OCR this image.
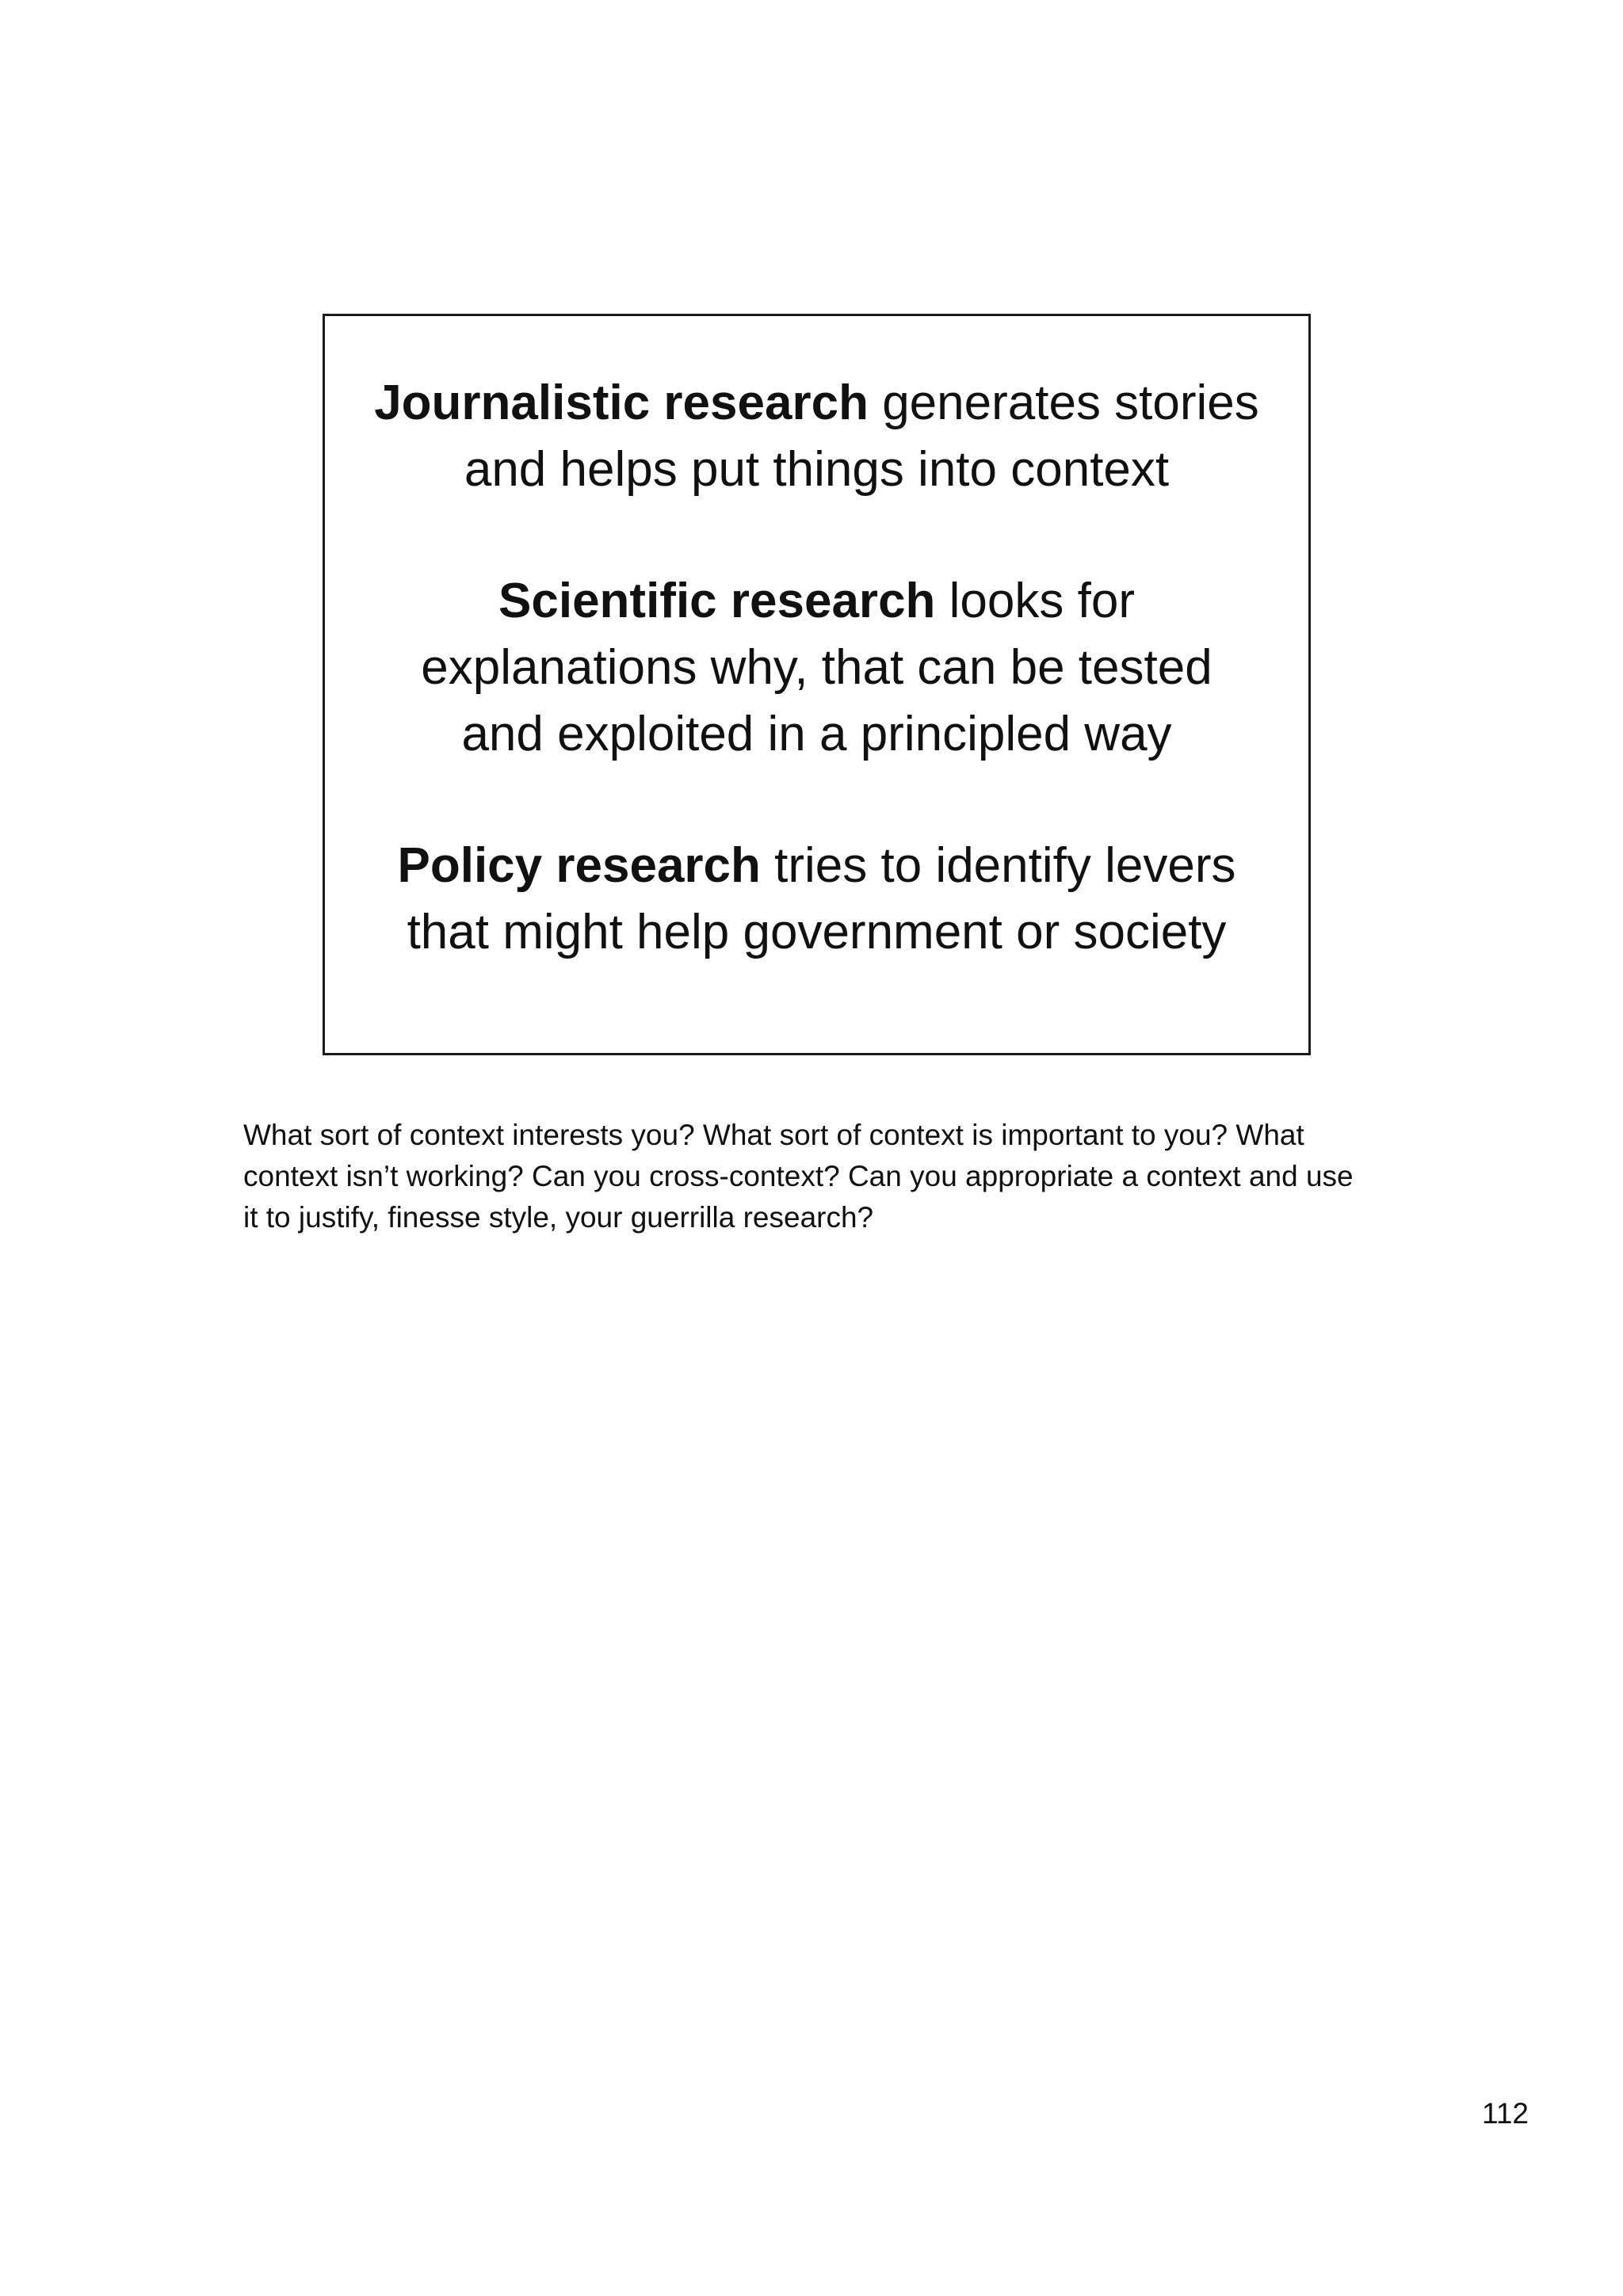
Journalistic research generates stories
and helps put things into context
Scientific research looks for
explanations why, that can be tested
and exploited in a principled way
Policy research tries to identify levers
that might help government or society
What sort of context interests you? What sort of context is important to you? What
context isn’t working? Can you cross-context? Can you appropriate a context and use
it to justify, finesse style, your guerrilla research?
112
